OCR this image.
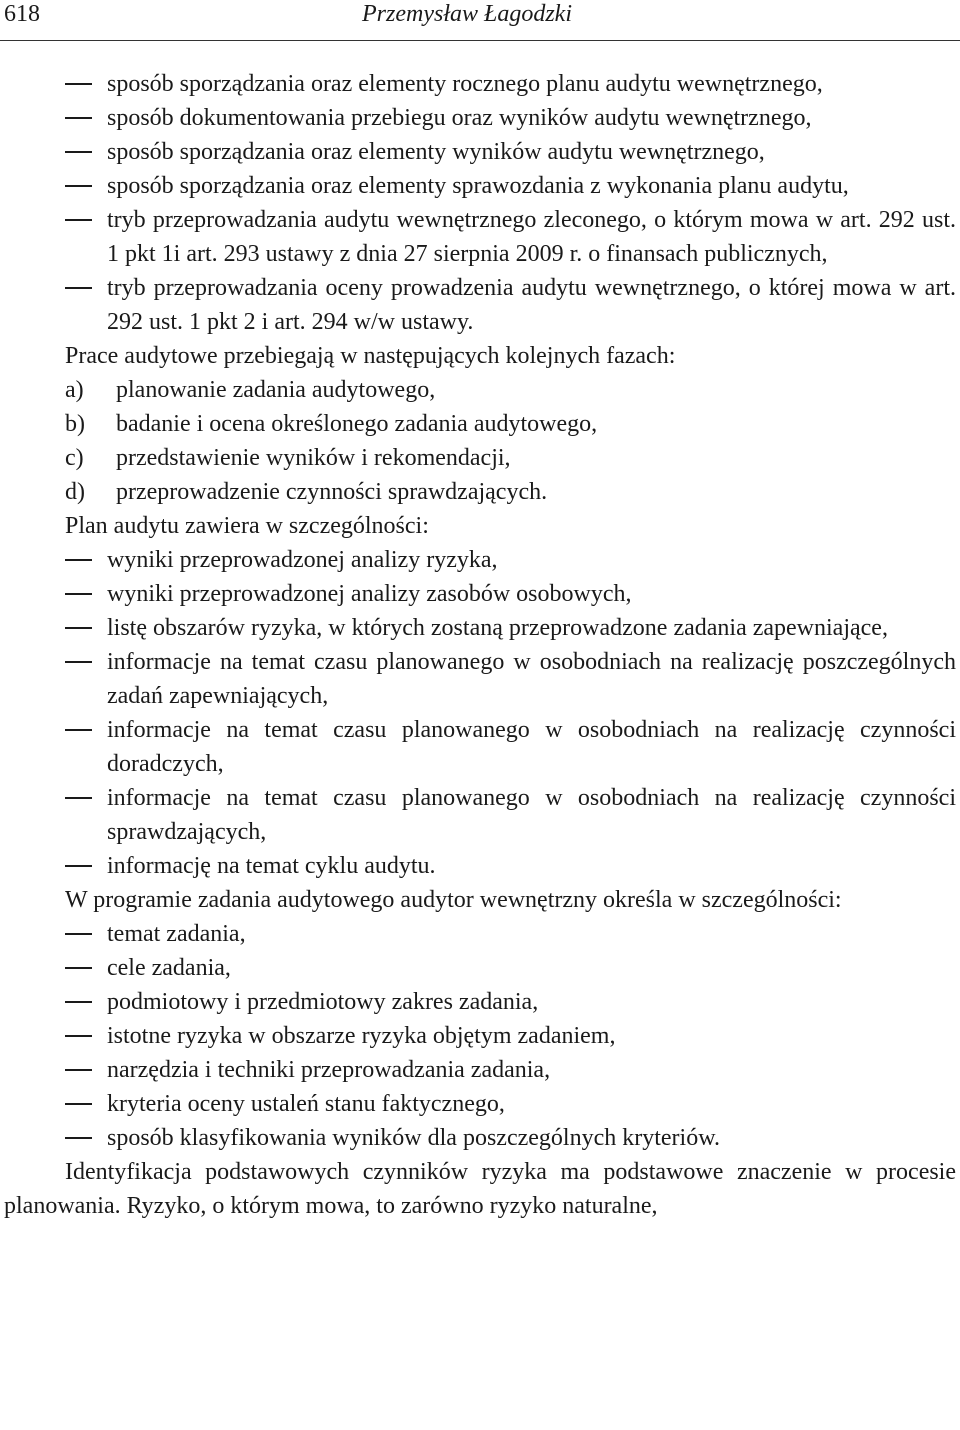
618	Przemysław Łagodzki
sposób sporządzania oraz elementy rocznego planu audytu wewnętrznego,
sposób dokumentowania przebiegu oraz wyników audytu wewnętrznego,
sposób sporządzania oraz elementy wyników audytu wewnętrznego,
sposób sporządzania oraz elementy sprawozdania z wykonania planu audytu,
tryb przeprowadzania audytu wewnętrznego zleconego, o którym mowa w art. 292 ust. 1 pkt 1i art. 293 ustawy z dnia 27 sierpnia 2009 r. o finansach publicznych,
tryb przeprowadzania oceny prowadzenia audytu wewnętrznego, o której mowa w art. 292 ust. 1 pkt 2 i art. 294 w/w ustawy.
Prace audytowe przebiegają w następujących kolejnych fazach:
a) planowanie zadania audytowego,
b) badanie i ocena określonego zadania audytowego,
c) przedstawienie wyników i rekomendacji,
d) przeprowadzenie czynności sprawdzających.
Plan audytu zawiera w szczególności:
wyniki przeprowadzonej analizy ryzyka,
wyniki przeprowadzonej analizy zasobów osobowych,
listę obszarów ryzyka, w których zostaną przeprowadzone zadania zapewniające,
informacje na temat czasu planowanego w osobodniach na realizację poszczególnych zadań zapewniających,
informacje na temat czasu planowanego w osobodniach na realizację czynności doradczych,
informacje na temat czasu planowanego w osobodniach na realizację czynności sprawdzających,
informację na temat cyklu audytu.
W programie zadania audytowego audytor wewnętrzny określa w szczególności:
temat zadania,
cele zadania,
podmiotowy i przedmiotowy zakres zadania,
istotne ryzyka w obszarze ryzyka objętym zadaniem,
narzędzia i techniki przeprowadzania zadania,
kryteria oceny ustaleń stanu faktycznego,
sposób klasyfikowania wyników dla poszczególnych kryteriów.
Identyfikacja podstawowych czynników ryzyka ma podstawowe znaczenie w procesie planowania. Ryzyko, o którym mowa, to zarówno ryzyko naturalne,
